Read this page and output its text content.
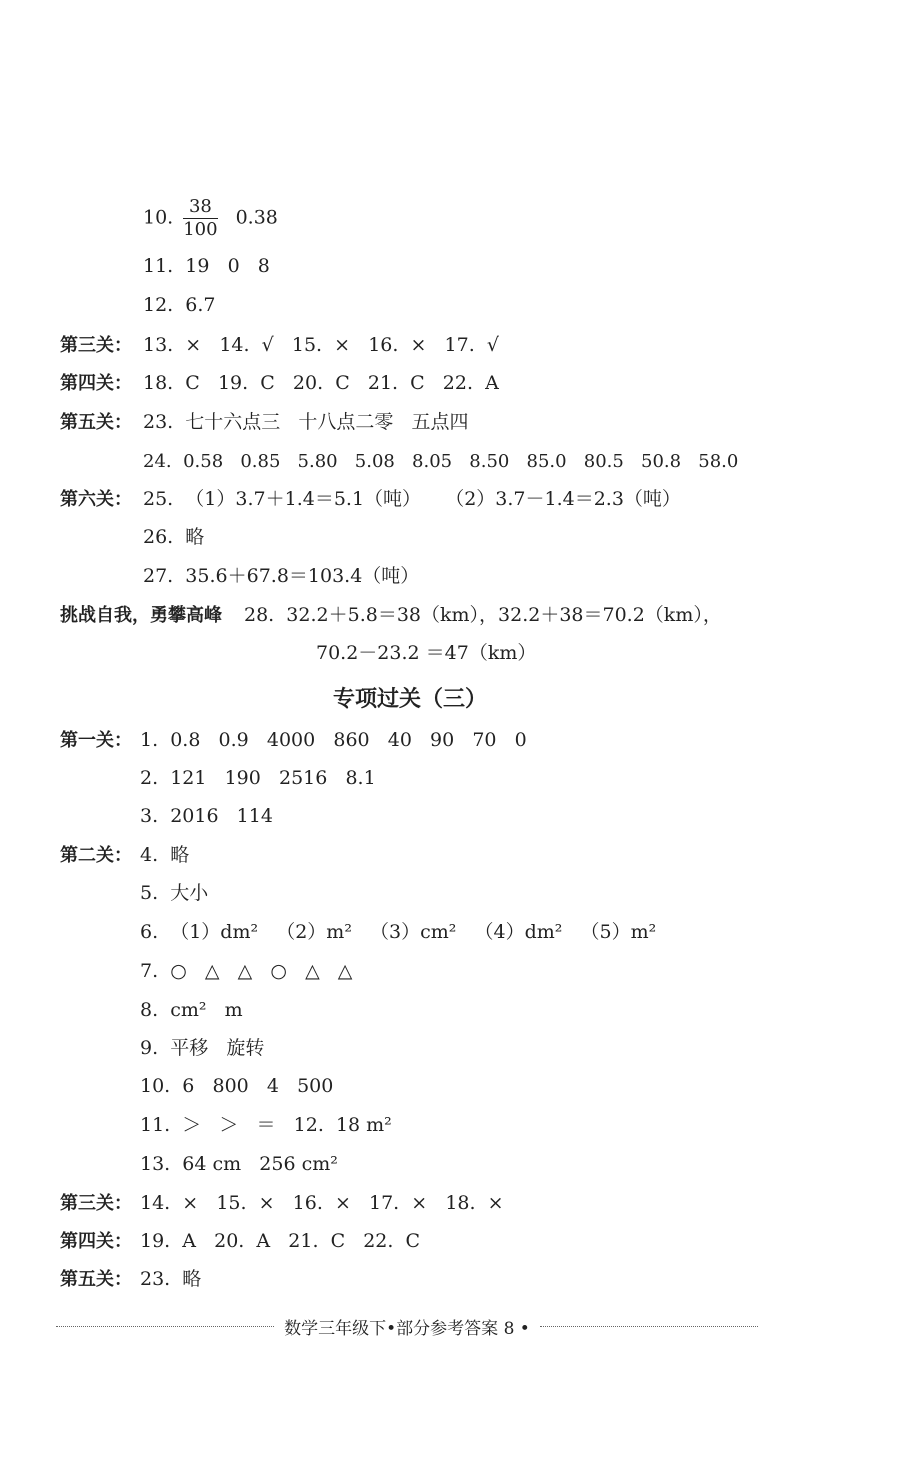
10. $\frac{38}{100} 0.38$
11.  19   0   8
12.  6.7
第三关： 13.  ×   14.  √   15.  ×   16.  ×   17.  √
第四关： 18.  C   19.  C   20.  C   21.  C   22.  A
第五关： 23.  七十六点三   十八点二零   五点四
24.  0.58   0.85   5.80   5.08   8.05   8.50   85.0   80.5   50.8   58.0
第六关： 25.  （1）3.7＋1.4＝5.1（吨）    （2）3.7－1.4＝2.3（吨）
26.  略
27.  35.6＋67.8＝103.4（吨）
挑战自我，勇攀高峰 28.  32.2＋5.8＝38（km），32.2＋38＝70.2（km），
70.2－23.2 ＝47（km）
专项过关（三）
第一关： 1.  0.8   0.9   4000   860   40   90   70   0
2.  121   190   2516   8.1
3.  2016   114
第二关： 4.  略
5.  大小
6.  （1）dm²   （2）m²   （3）cm²   （4）dm²   （5）m²
7.  ○   △   △   ○   △   △
8.  cm²   m
9.  平移   旋转
10.  6   800   4   500
11.  ＞   ＞   ＝   12.  18 m²
13.  64 cm   256 cm²
第三关： 14.  ×   15.  ×   16.  ×   17.  ×   18.  ×
第四关： 19.  A   20.  A   21.  C   22.  C
第五关： 23.  略
数学三年级下•部分参考答案 8 •
